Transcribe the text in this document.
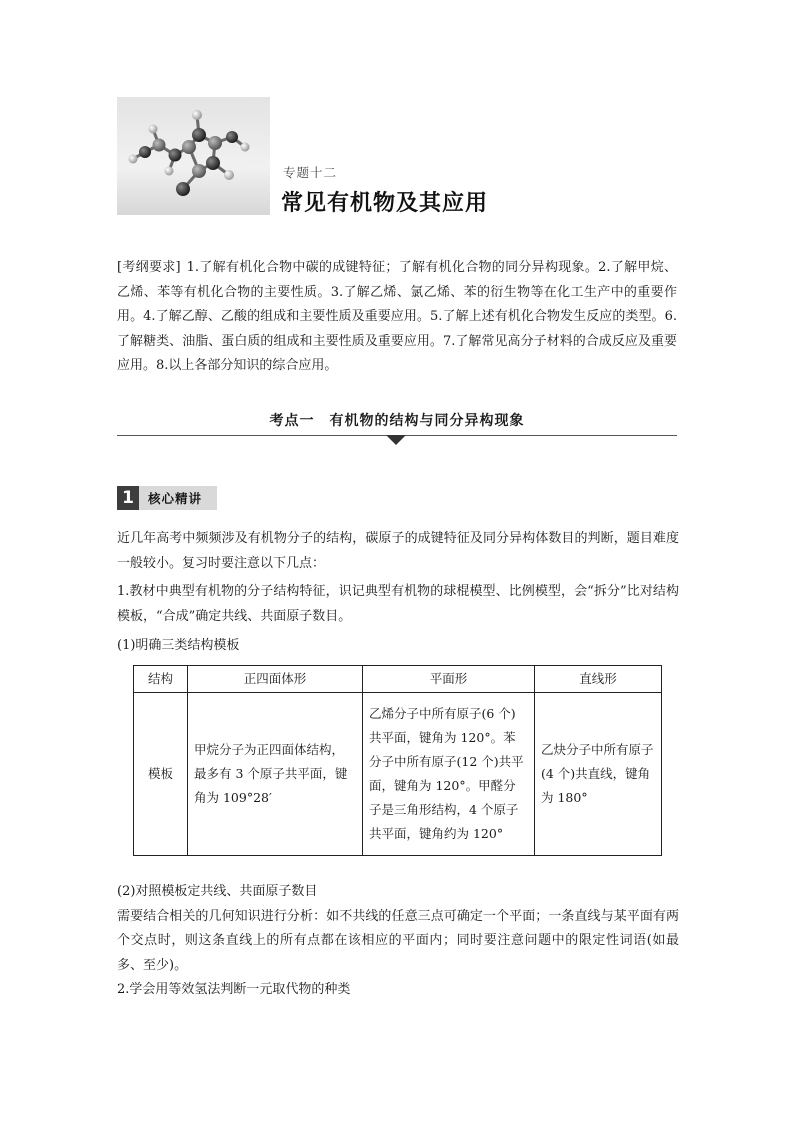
专题十二
常见有机物及其应用
[考纲要求] 1.了解有机化合物中碳的成键特征；了解有机化合物的同分异构现象。2.了解甲烷、乙烯、苯等有机化合物的主要性质。3.了解乙烯、氯乙烯、苯的衍生物等在化工生产中的重要作用。4.了解乙醇、乙酸的组成和主要性质及重要应用。5.了解上述有机化合物发生反应的类型。6.了解糖类、油脂、蛋白质的组成和主要性质及重要应用。7.了解常见高分子材料的合成反应及重要应用。8.以上各部分知识的综合应用。
考点一　有机物的结构与同分异构现象
1	核心精讲
近几年高考中频频涉及有机物分子的结构，碳原子的成键特征及同分异构体数目的判断，题目难度一般较小。复习时要注意以下几点：
1.教材中典型有机物的分子结构特征，识记典型有机物的球棍模型、比例模型，会“拆分”比对结构模板，“合成”确定共线、共面原子数目。
(1)明确三类结构模板
结构	正四面体形	平面形	直线形
模板	甲烷分子为正四面体结构，最多有 3 个原子共平面，键角为 109°28′	乙烯分子中所有原子(6 个)共平面，键角为 120°。苯分子中所有原子(12 个)共平面，键角为 120°。甲醛分子是三角形结构，4 个原子共平面，键角约为 120°	乙炔分子中所有原子(4 个)共直线，键角为 180°
(2)对照模板定共线、共面原子数目
需要结合相关的几何知识进行分析：如不共线的任意三点可确定一个平面；一条直线与某平面有两个交点时，则这条直线上的所有点都在该相应的平面内；同时要注意问题中的限定性词语(如最多、至少)。
2.学会用等效氢法判断一元取代物的种类
